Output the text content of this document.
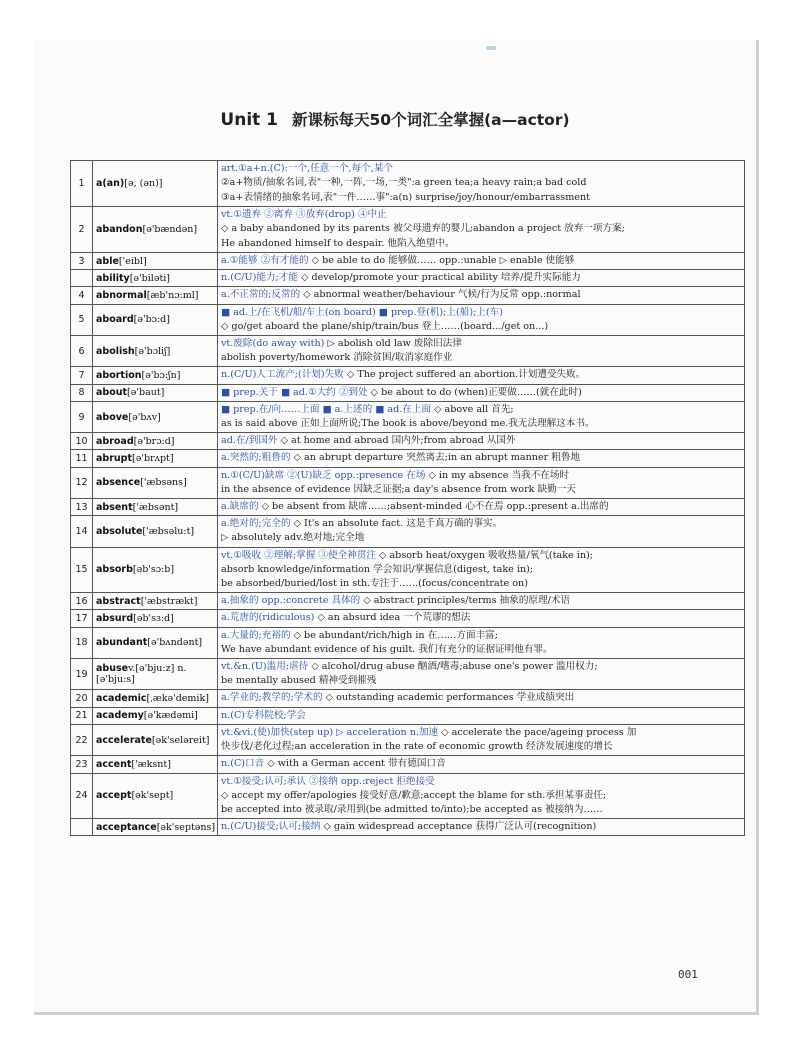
Unit 1 新课标每天50个词汇全掌握(a—actor)
1	a(an)[ə, (ən)]	art.①a+n.(C):一个,任意一个,每个,某个
②a+物质/抽象名词,表"一种,一阵,一场,一类":a green tea;a heavy rain;a bad cold
③a+表情绪的抽象名词,表"一件……事":a(n) surprise/joy/honour/embarrassment

2	abandon[ə'bændən]	vt.①遗弃 ②离弃 ③放弃(drop) ④中止
◇ a baby abandoned by its parents 被父母遗弃的婴儿;abandon a project 放弃一项方案;
He abandoned himself to despair. 他陷入绝望中。

3	able['eibl]	a.①能够 ②有才能的 ◇ be able to do 能够做…… opp.:unable ▷ enable 使能够

	ability[ə'biləti]	n.(C/U)能力;才能 ◇ develop/promote your practical ability 培养/提升实际能力

4	abnormal[æb'nɔ:ml]	a.不正常的;反常的 ◇ abnormal weather/behaviour 气候/行为反常 opp.:normal

5	aboard[ə'bɔ:d]	■ ad.上/在飞机/船/车上(on board) ■ prep.登(机);上(船);上(车)
◇ go/get aboard the plane/ship/train/bus 登上……(board.../get on...)

6	abolish[ə'bɔliʃ]	vt.废除(do away with) ▷ abolish old law 废除旧法律
abolish poverty/homework 消除贫困/取消家庭作业

7	abortion[ə'bɔ:ʃn]	n.(C/U)人工流产;(计划)失败 ◇ The project suffered an abortion.计划遭受失败。

8	about[ə'baut]	■ prep.关于 ■ ad.①大约 ②到处 ◇ be about to do (when)正要做……(就在此时)

9	above[ə'bʌv]	■ prep.在/向……上面 ■ a.上述的 ■ ad.在上面 ◇ above all 首先;
as is said above 正如上面所说;The book is above/beyond me.我无法理解这本书。

10	abroad[ə'brɔ:d]	ad.在/到国外 ◇ at home and abroad 国内外;from abroad 从国外

11	abrupt[ə'brʌpt]	a.突然的;粗鲁的 ◇ an abrupt departure 突然离去;in an abrupt manner 粗鲁地

12	absence['æbsəns]	n.①(C/U)缺席 ②(U)缺乏 opp.:presence 在场 ◇ in my absence 当我不在场时
in the absence of evidence 因缺乏证据;a day's absence from work 缺勤一天

13	absent['æbsənt]	a.缺席的 ◇ be absent from 缺席……;absent-minded 心不在焉 opp.:present a.出席的

14	absolute['æbsəlu:t]	a.绝对的;完全的 ◇ It's an absolute fact. 这是千真万确的事实。
▷ absolutely adv.绝对地;完全地

15	absorb[əb'sɔ:b]	vt.①吸收 ②理解;掌握 ③使全神贯注 ◇ absorb heat/oxygen 吸收热量/氧气(take in);
absorb knowledge/information 学会知识/掌握信息(digest, take in);
be absorbed/buried/lost in sth.专注于……(focus/concentrate on)

16	abstract['æbstrækt]	a.抽象的 opp.:concrete 具体的 ◇ abstract principles/terms 抽象的原理/术语

17	absurd[əb'sɜ:d]	a.荒唐的(ridiculous) ◇ an absurd idea 一个荒谬的想法

18	abundant[ə'bʌndənt]	a.大量的;充裕的 ◇ be abundant/rich/high in 在……方面丰富;
We have abundant evidence of his guilt. 我们有充分的证据证明他有罪。

19	abusev.[ə'bju:z] n.[ə'bju:s]	vt.&n.(U)滥用;虐待 ◇ alcohol/drug abuse 酗酒/嗜毒;abuse one's power 滥用权力;
be mentally abused 精神受到摧残

20	academic[ˌækə'demik]	a.学业的;教学的;学术的 ◇ outstanding academic performances 学业成绩突出

21	academy[ə'kædəmi]	n.(C)专科院校;学会

22	accelerate[ək'seləreit]	vt.&vi.(使)加快(step up) ▷ acceleration n.加速 ◇ accelerate the pace/ageing process 加
快步伐/老化过程;an acceleration in the rate of economic growth 经济发展速度的增长

23	accent['æksnt]	n.(C)口音 ◇ with a German accent 带有德国口音

24	accept[ək'sept]	vt.①接受;认可;承认 ②接纳 opp.:reject 拒绝接受
◇ accept my offer/apologies 接受好意/歉意;accept the blame for sth.承担某事责任;
be accepted into 被录取/录用到(be admitted to/into);be accepted as 被接纳为……

	acceptance[ək'septəns]	n.(C/U)接受;认可;接纳 ◇ gain widespread acceptance 获得广泛认可(recognition)
001
